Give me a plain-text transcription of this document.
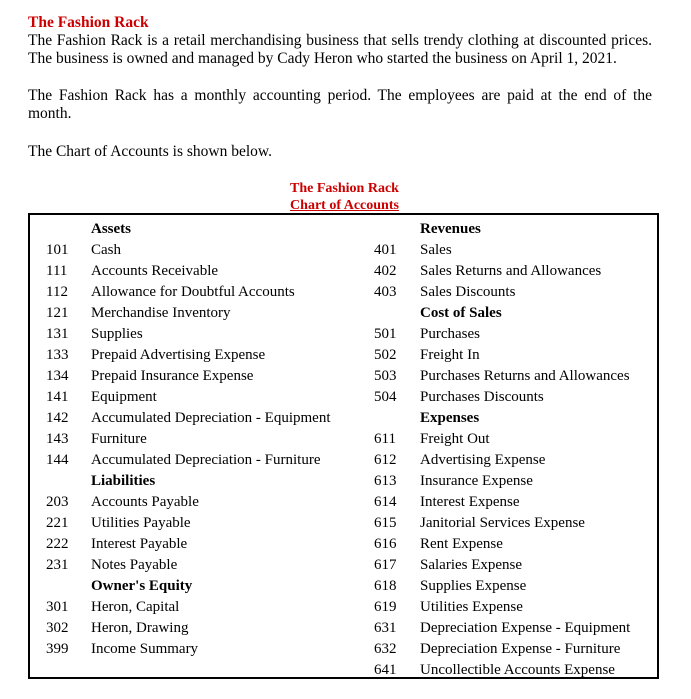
The Fashion Rack

The Fashion Rack is a retail merchandising business that sells trendy clothing at discounted prices. The business is owned and managed by Cady Heron who started the business on April 1, 2021.

The Fashion Rack has a monthly accounting period. The employees are paid at the end of the month.

The Chart of Accounts is shown below.

The Fashion Rack
Chart of Accounts
Assets
101 Cash
111 Accounts Receivable
112 Allowance for Doubtful Accounts
121 Merchandise Inventory
131 Supplies
133 Prepaid Advertising Expense
134 Prepaid Insurance Expense
141 Equipment
142 Accumulated Depreciation - Equipment
143 Furniture
144 Accumulated Depreciation - Furniture
Liabilities
203 Accounts Payable
221 Utilities Payable
222 Interest Payable
231 Notes Payable
Owner's Equity
301 Heron, Capital
302 Heron, Drawing
399 Income Summary
Revenues
401 Sales
402 Sales Returns and Allowances
403 Sales Discounts
Cost of Sales
501 Purchases
502 Freight In
503 Purchases Returns and Allowances
504 Purchases Discounts
Expenses
611 Freight Out
612 Advertising Expense
613 Insurance Expense
614 Interest Expense
615 Janitorial Services Expense
616 Rent Expense
617 Salaries Expense
618 Supplies Expense
619 Utilities Expense
631 Depreciation Expense - Equipment
632 Depreciation Expense - Furniture
641 Uncollectible Accounts Expense
